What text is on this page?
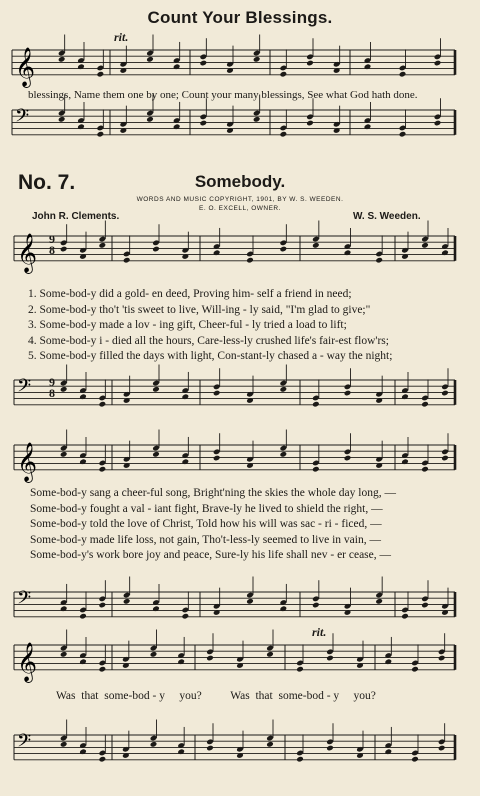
Count Your Blessings.
rit.
blessings, Name them one by one; Count your many blessings, See what God hath done.
No. 7.	Somebody.
WORDS AND MUSIC COPYRIGHT, 1901, BY W. S. WEEDEN.
E. O. EXCELL, OWNER.
John R. Clements.	W. S. Weeden.
1. Some-bod-y did a gold- en deed, Proving him- self a friend in need;
2. Some-bod-y tho't 'tis sweet to live, Will-ing - ly said, "I'm glad to give;"
3. Some-bod-y made a lov - ing gift, Cheer-ful - ly tried a load to lift;
4. Some-bod-y i - died all the hours, Care-less-ly crushed life's fair-est flow'rs;
5. Some-bod-y filled the days with light, Con-stant-ly chased a - way the night;
Some-bod-y sang a cheer-ful song, Bright'ning the skies the whole day long, —
Some-bod-y fought a val - iant fight, Brave-ly he lived to shield the right, —
Some-bod-y told the love of Christ, Told how his will was sac - ri - ficed, —
Some-bod-y made life loss, not gain, Tho't-less-ly seemed to live in vain, —
Some-bod-y's work bore joy and peace, Sure-ly his life shall nev - er cease, —
rit.
Was  that  some-bod - y     you?          Was  that  some-bod - y     you?
9
8
9
8
𝄞
𝄢
𝄞
𝄢
𝄞
𝄢
𝄞
𝄢
